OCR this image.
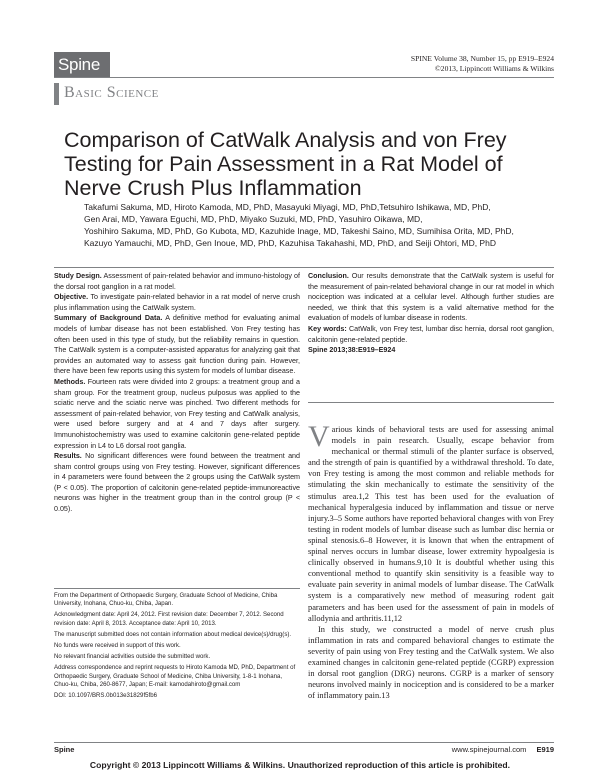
Spine	SPINE Volume 38, Number 15, pp E919–E924
©2013, Lippincott Williams & Wilkins
Basic Science
Comparison of CatWalk Analysis and von Frey Testing for Pain Assessment in a Rat Model of Nerve Crush Plus Inflammation
Takafumi Sakuma, MD, Hiroto Kamoda, MD, PhD, Masayuki Miyagi, MD, PhD,Tetsuhiro Ishikawa, MD, PhD,
Gen Arai, MD, Yawara Eguchi, MD, PhD, Miyako Suzuki, MD, PhD, Yasuhiro Oikawa, MD,
Yoshihiro Sakuma, MD, PhD, Go Kubota, MD, Kazuhide Inage, MD, Takeshi Saino, MD, Sumihisa Orita, MD, PhD,
Kazuyo Yamauchi, MD, PhD, Gen Inoue, MD, PhD, Kazuhisa Takahashi, MD, PhD, and Seiji Ohtori, MD, PhD

Study Design. Assessment of pain-related behavior and immuno-histology of the dorsal root ganglion in a rat model.

Objective. To investigate pain-related behavior in a rat model of nerve crush plus inflammation using the CatWalk system.

Summary of Background Data. A definitive method for evaluating animal models of lumbar disease has not been established. Von Frey testing has often been used in this type of study, but the reliability remains in question. The CatWalk system is a computer-assisted apparatus for analyzing gait that provides an automated way to assess gait function during pain. However, there have been few reports using this system for models of lumbar disease.

Methods. Fourteen rats were divided into 2 groups: a treatment group and a sham group. For the treatment group, nucleus pulposus was applied to the sciatic nerve and the sciatic nerve was pinched. Two different methods for assessment of pain-related behavior, von Frey testing and CatWalk analysis, were used before surgery and at 4 and 7 days after surgery. Immunohistochemistry was used to examine calcitonin gene-related peptide expression in L4 to L6 dorsal root ganglia.

Results. No significant differences were found between the treatment and sham control groups using von Frey testing. However, significant differences in 4 parameters were found between the 2 groups using the CatWalk system (P < 0.05). The proportion of calcitonin gene-related peptide-immunoreactive neurons was higher in the treatment group than in the control group (P < 0.05).

Conclusion. Our results demonstrate that the CatWalk system is useful for the measurement of pain-related behavioral change in our rat model in which nociception was indicated at a cellular level. Although further studies are needed, we think that this system is a valid alternative method for the evaluation of models of lumbar disease in rodents.

Key words: CatWalk, von Frey test, lumbar disc hernia, dorsal root ganglion, calcitonin gene-related peptide.

Spine 2013;38:E919–E924

From the Department of Orthopaedic Surgery, Graduate School of Medicine, Chiba University, Inohana, Chuo-ku, Chiba, Japan.

Acknowledgment date: April 24, 2012. First revision date: December 7, 2012. Second revision date: April 8, 2013. Acceptance date: April 10, 2013.

The manuscript submitted does not contain information about medical device(s)/drug(s).

No funds were received in support of this work.

No relevant financial activities outside the submitted work.

Address correspondence and reprint requests to Hiroto Kamoda MD, PhD, Department of Orthopaedic Surgery, Graduate School of Medicine, Chiba University, 1-8-1 Inohana, Chuo-ku, Chiba, 260-8677, Japan; E-mail: kamodahiroto@gmail.com

DOI: 10.1097/BRS.0b013e31829f5fb6

Various kinds of behavioral tests are used for assessing animal models in pain research. Usually, escape behavior from mechanical or thermal stimuli of the planter surface is observed, and the strength of pain is quantified by a withdrawal threshold. To date, von Frey testing is among the most common and reliable methods for stimulating the skin mechanically to estimate the sensitivity of the stimulus area.1,2 This test has been used for the evaluation of mechanical hyperalgesia induced by inflammation and tissue or nerve injury.3–5 Some authors have reported behavioral changes with von Frey testing in rodent models of lumbar disease such as lumbar disc hernia or spinal stenosis.6–8 However, it is known that when the entrapment of spinal nerves occurs in lumbar disease, lower extremity hypoalgesia is clinically observed in humans.9,10 It is doubtful whether using this conventional method to quantify skin sensitivity is a feasible way to evaluate pain severity in animal models of lumbar disease. The CatWalk system is a comparatively new method of measuring rodent gait parameters and has been used for the assessment of pain in models of allodynia and arthritis.11,12

In this study, we constructed a model of nerve crush plus inflammation in rats and compared behavioral changes to estimate the severity of pain using von Frey testing and the CatWalk system. We also examined changes in calcitonin gene-related peptide (CGRP) expression in dorsal root ganglion (DRG) neurons. CGRP is a marker of sensory neurons involved mainly in nociception and is considered to be a marker of inflammatory pain.13

Spine	www.spinejournal.com E919
Copyright © 2013 Lippincott Williams & Wilkins. Unauthorized reproduction of this article is prohibited.
